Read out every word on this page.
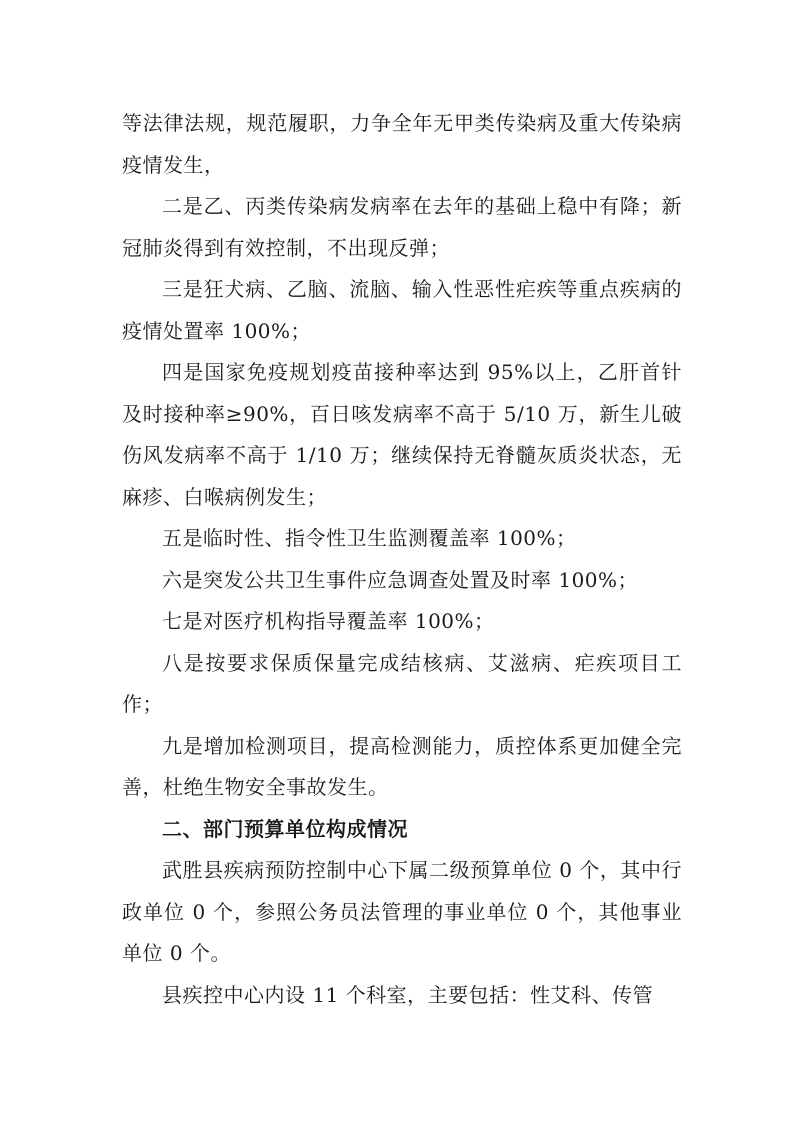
等法律法规，规范履职，力争全年无甲类传染病及重大传染病疫情发生，

二是乙、丙类传染病发病率在去年的基础上稳中有降；新冠肺炎得到有效控制，不出现反弹；

三是狂犬病、乙脑、流脑、输入性恶性疟疾等重点疾病的疫情处置率 100%；

四是国家免疫规划疫苗接种率达到 95%以上，乙肝首针及时接种率≥90%，百日咳发病率不高于 5/10 万，新生儿破伤风发病率不高于 1/10 万；继续保持无脊髓灰质炎状态，无麻疹、白喉病例发生；

五是临时性、指令性卫生监测覆盖率 100%；

六是突发公共卫生事件应急调查处置及时率 100%；

七是对医疗机构指导覆盖率 100%；

八是按要求保质保量完成结核病、艾滋病、疟疾项目工作；

九是增加检测项目，提高检测能力，质控体系更加健全完善，杜绝生物安全事故发生。

二、部门预算单位构成情况

武胜县疾病预防控制中心下属二级预算单位 0 个，其中行政单位 0 个，参照公务员法管理的事业单位 0 个，其他事业单位 0 个。

县疾控中心内设 11 个科室，主要包括：性艾科、传管
